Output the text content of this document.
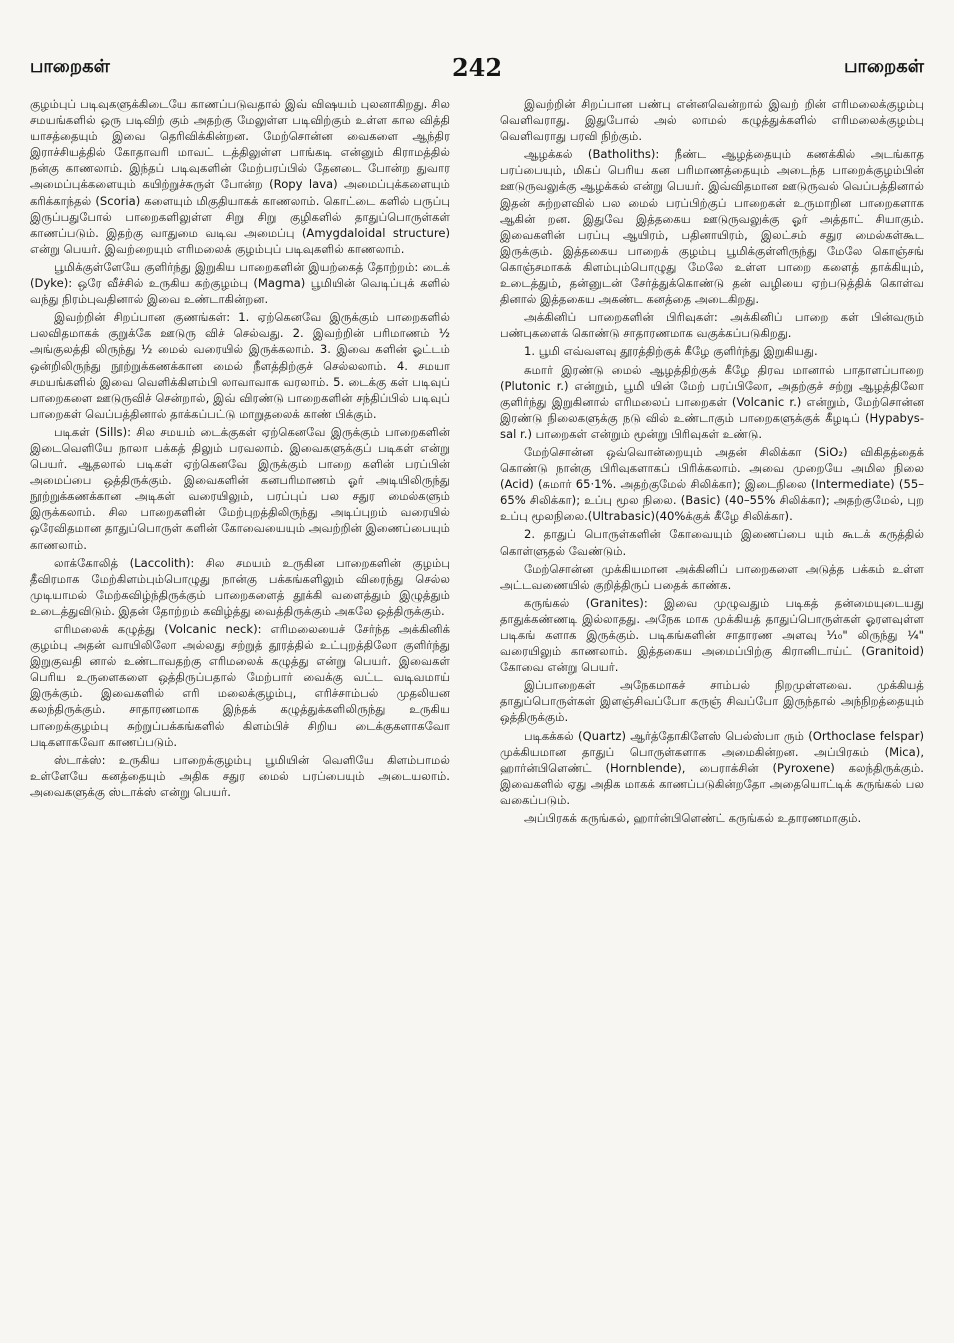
பாறைகள்	242	பாறைகள்

குழம்புப் படிவுகளுக்கிடையே காணப்படுவதால் இவ் விஷயம் புலனாகிறது. சில சமயங்களில் ஒரு படிவிற் கும் அதற்கு மேலுள்ள படிவிற்கும் உள்ள கால வித்தி யாசத்தையும் இவை தெரிவிக்கின்றன. மேற்சொன்ன வைகளை ஆந்திர இராச்சியத்தில் கோதாவரி மாவட் டத்திலுள்ள பாங்கடி என்னும் கிராமத்தில் நன்கு காணலாம். இந்தப் படிவுகளின் மேற்பரப்பில் தேனடை போன்ற துவார அமைப்புக்களையும் கயிற்றுச்சுருள் போன்ற (Ropy lava) அமைப்புக்களையும் கரிக்காந்தல் (Scoria) களையும் மிகுதியாகக் காணலாம். கொட்டை களில் பருப்பு இருப்பதுபோல் பாறைகளிலுள்ள சிறு சிறு குழிகளில் தாதுப்பொருள்கள் காணப்படும். இதற்கு வாதுமை வடிவ அமைப்பு (Amygdaloidal structure) என்று பெயர். இவற்றையும் எரிமலைக் குழம்புப் படிவுகளில் காணலாம்.

பூமிக்குள்ளேயே குளிர்ந்து இறுகிய பாறைகளின் இயற்கைத் தோற்றம்: டைக் (Dyke): ஒரே வீச்சில் உருகிய கற்குழம்பு (Magma) பூமியின் வெடிப்புக் களில் வந்து நிரம்புவதினால் இவை உண்டாகின்றன.

இவற்றின் சிறப்பான குணங்கள்: 1. ஏற்கெனவே இருக்கும் பாறைகளில் பலவிதமாகக் குறுக்கே ஊடுரு விச் செல்வது. 2. இவற்றின் பரிமாணம் ½ அங்குலத்தி லிருந்து ½ மைல் வரையில் இருக்கலாம். 3. இவை களின் ஓட்டம் ஒன்றிலிருந்து நூற்றுக்கணக்கான மைல் நீளத்திற்குச் செல்லலாம். 4. சமயா சமயங்களில் இவை வெளிக்கிளம்பி லாவாவாக வரலாம். 5. டைக்கு கள் படிவுப் பாறைகளை ஊடுருவிச் சென்றால், இவ் விரண்டு பாறைகளின் சந்திப்பில் படிவுப் பாறைகள் வெப்பத்தினால் தாக்கப்பட்டு மாறுதலைக் காண் பிக்கும்.

படிகள் (Sills): சில சமயம் டைக்குகள் ஏற்கெனவே இருக்கும் பாறைகளின் இடைவெளியே நாலா பக்கத் திலும் பரவலாம். இவைகளுக்குப் படிகள் என்று பெயர். ஆதலால் படிகள் ஏற்கெனவே இருக்கும் பாறை களின் பரப்பின் அமைப்பை ஒத்திருக்கும். இவைகளின் கனபரிமாணம் ஓர் அடியிலிருந்து நூற்றுக்கணக்கான அடிகள் வரையிலும், பரப்புப் பல சதுர மைல்களும் இருக்கலாம். சில பாறைகளின் மேற்புறத்திலிருந்து அடிப்புறம் வரையில் ஒரேவிதமான தாதுப்பொருள் களின் கோவையையும் அவற்றின் இணைப்பையும் காணலாம்.

லாக்கோலித் (Laccolith): சில சமயம் உருகின பாறைகளின் குழம்பு தீவிரமாக மேற்கிளம்பும்பொழுது நான்கு பக்கங்களிலும் விரைந்து செல்ல முடியாமல் மேற்கவிழ்ந்திருக்கும் பாறைகளைத் தூக்கி வளைத்தும் இழுத்தும் உடைத்துவிடும். இதன் தோற்றம் கவிழ்த்து வைத்திருக்கும் அகலே ஒத்திருக்கும்.

எரிமலைக் கழுத்து (Volcanic neck): எரிமலையைச் சேர்ந்த அக்கினிக் குழம்பு அதன் வாயிலிலோ அல்லது சற்றுத் தூரத்தில் உட்புறத்திலோ குளிர்ந்து இறுகுவதி னால் உண்டாவதற்கு எரிமலைக் கழுத்து என்று பெயர். இவைகள் பெரிய உருளைகளை ஒத்திருப்பதால் மேற்பார் வைக்கு வட்ட வடிவமாய் இருக்கும். இவைகளில் எரி மலைக்குழம்பு, எரிச்சாம்பல் முதலியன கலந்திருக்கும். சாதாரணமாக இந்தக் கழுத்துக்களிலிருந்து உருகிய பாறைக்குழம்பு சுற்றுப்பக்கங்களில் கிளம்பிச் சிறிய டைக்குகளாகவோ படிகளாகவோ காணப்படும்.

ஸ்டாக்ஸ்: உருகிய பாறைக்குழம்பு பூமியின் வெளியே கிளம்பாமல் உள்ளேயே கனத்தையும் அதிக சதுர மைல் பரப்பையும் அடையலாம். அவைகளுக்கு ஸ்டாக்ஸ் என்று பெயர்.

இவற்றின் சிறப்பான பண்பு என்னவென்றால் இவற் றின் எரிமலைக்குழம்பு வெளிவராது. இதுபோல் அல் லாமல் கழுத்துக்களில் எரிமலைக்குழம்பு வெளிவராது பரவி நிற்கும்.

ஆழக்கல் (Batholiths): நீண்ட ஆழத்தையும் கணக்கில் அடங்காத பரப்பையும், மிகப் பெரிய கன பரிமாணத்தையும் அடைந்த பாறைக்குழம்பின் ஊடுருவலுக்கு ஆழக்கல் என்று பெயர். இவ்விதமான ஊடுருவல் வெப்பத்தினால் இதன் சுற்றளவில் பல மைல் பரப்பிற்குப் பாறைகள் உருமாறின பாறைகளாக ஆகின் றன. இதுவே இத்தகைய ஊடுருவலுக்கு ஓர் அத்தாட் சியாகும். இவைகளின் பரப்பு ஆயிரம், பதினாயிரம், இலட்சம் சதுர மைல்கள்கூட இருக்கும். இத்தகைய பாறைக் குழம்பு பூமிக்குள்ளிருந்து மேலே கொஞ்சங் கொஞ்சமாகக் கிளம்பும்பொழுது மேலே உள்ள பாறை களைத் தாக்கியும், உடைத்தும், தன்னுடன் சேர்த்துக்கொண்டு தன் வழியை ஏற்படுத்திக் கொள்வ தினால் இத்தகைய அகண்ட கனத்தை அடைகிறது.

அக்கினிப் பாறைகளின் பிரிவுகள்: அக்கினிப் பாறை கள் பின்வரும் பண்புகளைக் கொண்டு சாதாரணமாக வகுக்கப்படுகிறது.

1. பூமி எவ்வளவு தூரத்திற்குக் கீழே குளிர்ந்து இறுகியது.

சுமார் இரண்டு மைல் ஆழத்திற்குக் கீழே திரவ மானால் பாதாளப்பாறை (Plutonic r.) என்றும், பூமி யின் மேற் பரப்பிலோ, அதற்குச் சற்று ஆழத்திலோ குளிர்ந்து இறுகினால் எரிமலைப் பாறைகள் (Volcanic r.) என்றும், மேற்சொன்ன இரண்டு நிலைகளுக்கு நடு வில் உண்டாகும் பாறைகளுக்குக் கீழடிப் (Hypabys- sal r.) பாறைகள் என்றும் மூன்று பிரிவுகள் உண்டு.

மேற்சொன்ன ஒவ்வொன்றையும் அதன் சிலிக்கா (SiO₂) விகிதத்தைக் கொண்டு நான்கு பிரிவுகளாகப் பிரிக்கலாம். அவை முறையே அமில நிலை (Acid) (சுமார் 65·1%. அதற்குமேல் சிலிக்கா); இடைநிலை (Intermediate) (55–65% சிலிக்கா); உப்பு மூல நிலை. (Basic) (40–55% சிலிக்கா); அதற்குமேல், புற உப்பு மூலநிலை.(Ultrabasic)(40%க்குக் கீழே சிலிக்கா).

2. தாதுப் பொருள்களின் கோவையும் இணைப்பை யும் கூடக் கருத்தில் கொள்ளுதல் வேண்டும்.

மேற்சொன்ன முக்கியமான அக்கினிப் பாறைகளை அடுத்த பக்கம் உள்ள அட்டவணையில் குறித்திருப் பதைக் காண்க.

கருங்கல் (Granites): இவை முழுவதும் படிகத் தன்மையுடையது தாதுக்கண்ணடி இல்லாதது. அநேக மாக முக்கியத் தாதுப்பொருள்கள் ஓரளவுள்ள படிகங் களாக இருக்கும். படிகங்களின் சாதாரண அளவு ¹⁄₁₀" லிருந்து ¼" வரையிலும் காணலாம். இத்தகைய அமைப்பிற்கு கிரானிடாய்ட் (Granitoid) கோவை என்று பெயர்.

இப்பாறைகள் அநேகமாகச் சாம்பல் நிறமுள்ளவை. முக்கியத் தாதுப்பொருள்கள் இளஞ்சிவப்போ கருஞ் சிவப்போ இருந்தால் அந்நிறத்தையும் ஒத்திருக்கும்.

படிகக்கல் (Quartz) ஆர்த்தோகிளேஸ் பெல்ஸ்பா ரும் (Orthoclase felspar) முக்கியமான தாதுப் பொருள்களாக அமைகின்றன. அப்பிரகம் (Mica), ஹார்ன்பிளெண்ட் (Hornblende), பைராக்சின் (Pyroxene) கலந்திருக்கும். இவைகளில் ஏது அதிக மாகக் காணப்படுகின்றதோ அதையொட்டிக் கருங்கல் பல வகைப்படும்.

அப்பிரகக் கருங்கல், ஹார்ன்பிளெண்ட் கருங்கல் உதாரணமாகும்.
